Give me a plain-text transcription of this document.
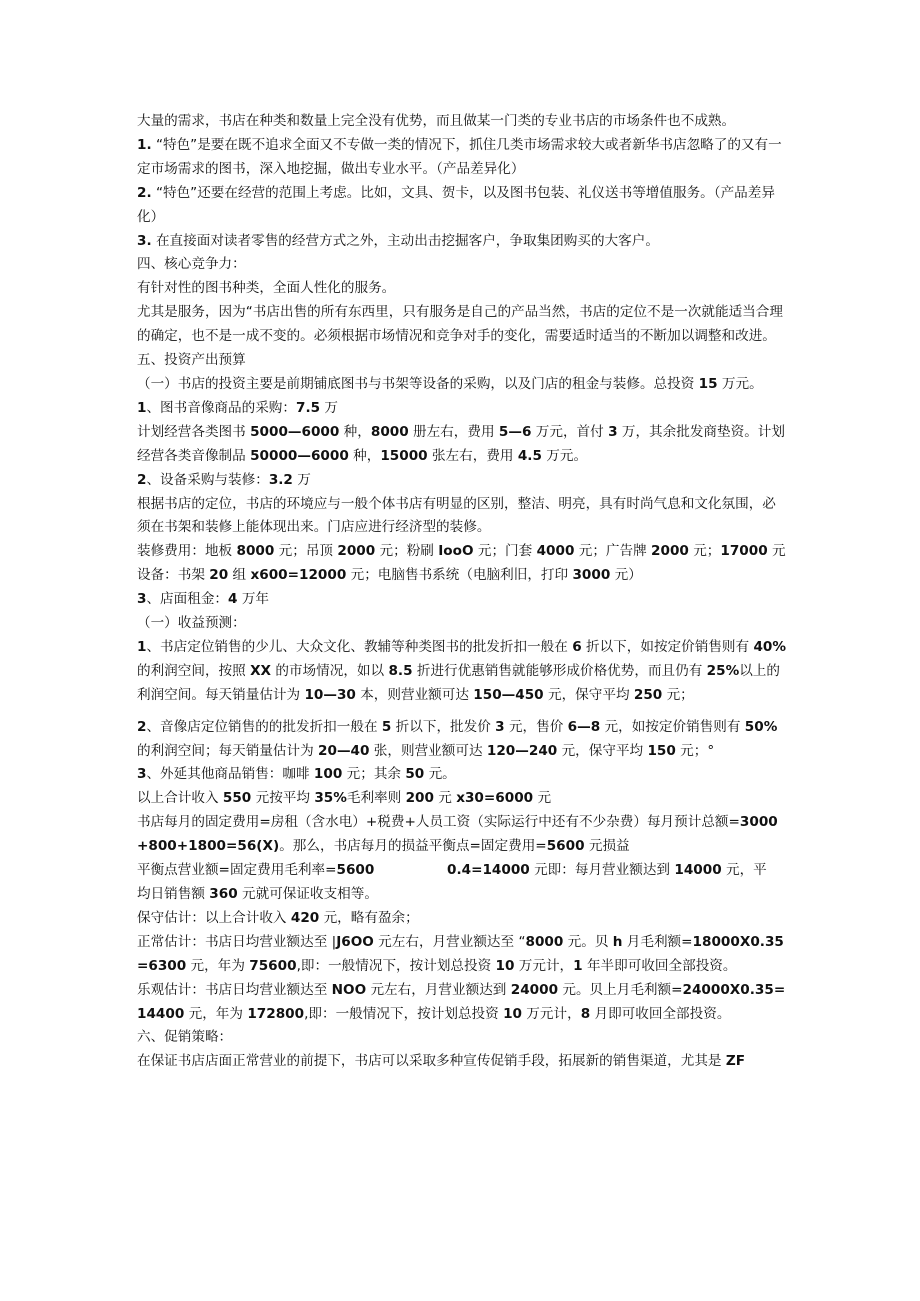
大量的需求，书店在种类和数量上完全没有优势，而且做某一门类的专业书店的市场条件也不成熟。

1. “特色”是要在既不追求全面又不专做一类的情况下，抓住几类市场需求较大或者新华书店忽略了的又有一定市场需求的图书，深入地挖掘，做出专业水平。（产品差异化）

2. “特色”还要在经营的范围上考虑。比如，文具、贺卡，以及图书包装、礼仪送书等增值服务。（产品差异化）

3. 在直接面对读者零售的经营方式之外，主动出击挖掘客户，争取集团购买的大客户。

四、核心竞争力：

有针对性的图书种类，全面人性化的服务。

尤其是服务，因为“书店出售的所有东西里，只有服务是自己的产品当然，书店的定位不是一次就能适当合理的确定，也不是一成不变的。必须根据市场情况和竞争对手的变化，需要适时适当的不断加以调整和改进。

五、投资产出预算

（一）书店的投资主要是前期铺底图书与书架等设备的采购，以及门店的租金与装修。总投资 15 万元。

1、图书音像商品的采购：7.5 万

计划经营各类图书 5000—6000 种，8000 册左右，费用 5—6 万元，首付 3 万，其余批发商垫资。计划经营各类音像制品 50000—6000 种，15000 张左右，费用 4.5 万元。

2、设备采购与装修：3.2 万

根据书店的定位，书店的环境应与一般个体书店有明显的区别，整洁、明亮，具有时尚气息和文化氛围，必须在书架和装修上能体现出来。门店应进行经济型的装修。

装修费用：地板 8000 元；吊顶 2000 元；粉刷 IooO 元；门套 4000 元；广告牌 2000 元；17000 元设备：书架 20 组 x600=12000 元；电脑售书系统（电脑利旧，打印 3000 元）

3、店面租金：4 万年

（一）收益预测：

1、书店定位销售的少儿、大众文化、教辅等种类图书的批发折扣一般在 6 折以下，如按定价销售则有 40%的利润空间，按照 XX 的市场情况，如以 8.5 折进行优惠销售就能够形成价格优势，而且仍有 25%以上的利润空间。每天销量估计为 10—30 本，则营业额可达 150—450 元，保守平均 250 元；

2、音像店定位销售的的批发折扣一般在 5 折以下，批发价 3 元，售价 6—8 元，如按定价销售则有 50%的利润空间；每天销量估计为 20—40 张，则营业额可达 120—240 元，保守平均 150 元；°

3、外延其他商品销售：咖啡 100 元；其余 50 元。

以上合计收入 550 元按平均 35%毛利率则 200 元 x30=6000 元

书店每月的固定费用=房租（含水电）+税费+人员工资（实际运行中还有不少杂费）每月预计总额=3000+800+1800=56(X)。那么，书店每月的损益平衡点=固定费用=5600 元损益

平衡点营业额=固定费用毛利率=5600	0.4=14000 元即：每月营业额达到 14000 元，平

均日销售额 360 元就可保证收支相等。

保守估计：以上合计收入 420 元，略有盈余；

正常估计：书店日均营业额达至 |J6OO 元左右，月营业额达至 “8000 元。贝 h 月毛利额=18000X0.35=6300 元，年为 75600,即：一般情况下，按计划总投资 10 万元计，1 年半即可收回全部投资。

乐观估计：书店日均营业额达至 NOO 元左右，月营业额达到 24000 元。贝上月毛利额=24000X0.35=14400 元，年为 172800,即：一般情况下，按计划总投资 10 万元计，8 月即可收回全部投资。

六、促销策略：

在保证书店店面正常营业的前提下，书店可以采取多种宣传促销手段，拓展新的销售渠道，尤其是 ZF
